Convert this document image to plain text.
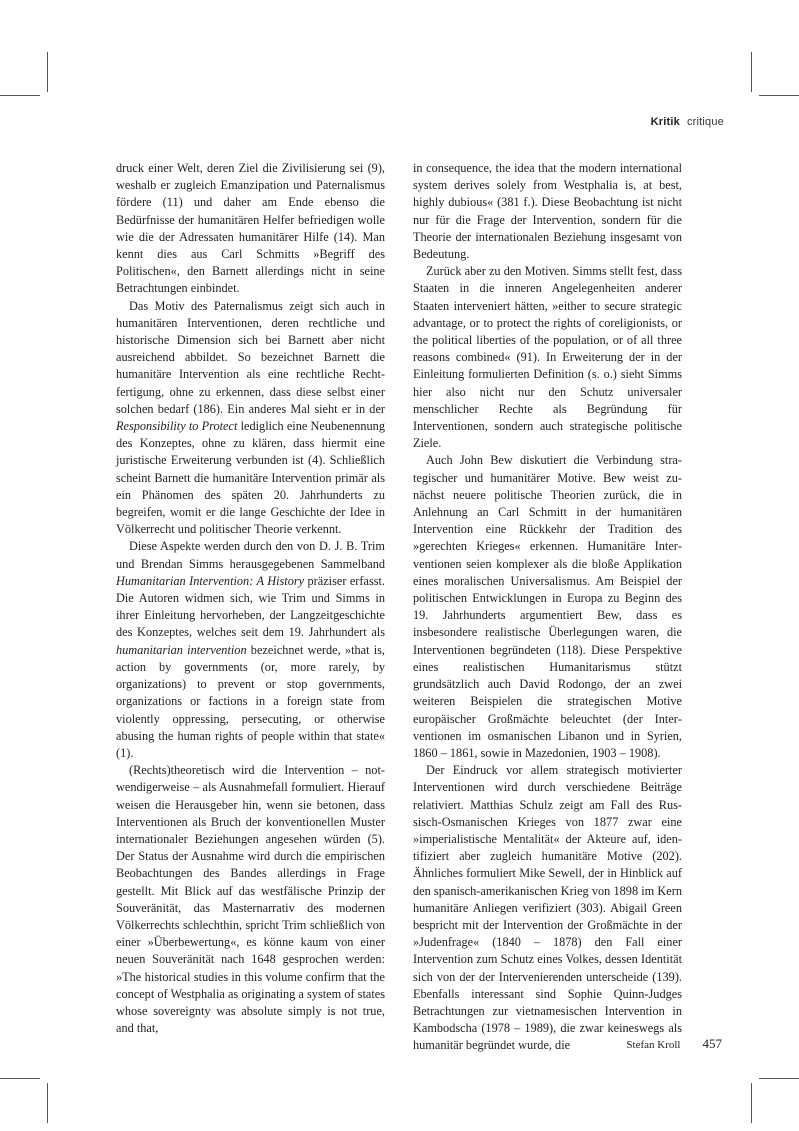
Kritik critique

druck einer Welt, deren Ziel die Zivilisierung sei (9), weshalb er zugleich Emanzipation und Paternalismus fördere (11) und daher am Ende ebenso die Bedürfnisse der humanitären Helfer befriedigen wolle wie die der Adressaten humanitärer Hilfe (14). Man kennt dies aus Carl Schmitts »Begriff des Politischen«, den Barnett allerdings nicht in seine Betrachtungen einbindet.

Das Motiv des Paternalismus zeigt sich auch in humanitären Interventionen, deren rechtliche und historische Dimension sich bei Barnett aber nicht ausreichend abbildet. So bezeichnet Barnett die humanitäre Intervention als eine rechtliche Rechtfertigung, ohne zu erkennen, dass diese selbst einer solchen bedarf (186). Ein anderes Mal sieht er in der Responsibility to Protect lediglich eine Neubenennung des Konzeptes, ohne zu klären, dass hiermit eine juristische Erweiterung verbunden ist (4). Schließlich scheint Barnett die humanitäre Intervention primär als ein Phänomen des späten 20. Jahrhunderts zu begreifen, womit er die lange Geschichte der Idee in Völkerrecht und politischer Theorie verkennt.

Diese Aspekte werden durch den von D. J. B. Trim und Brendan Simms herausgegebenen Sammelband Humanitarian Intervention: A History präziser erfasst. Die Autoren widmen sich, wie Trim und Simms in ihrer Einleitung hervorheben, der Langzeitgeschichte des Konzeptes, welches seit dem 19. Jahrhundert als humanitarian intervention bezeichnet werde, »that is, action by governments (or, more rarely, by organizations) to prevent or stop governments, organizations or factions in a foreign state from violently oppressing, persecuting, or otherwise abusing the human rights of people within that state« (1).

(Rechts)theoretisch wird die Intervention – notwendigerweise – als Ausnahmefall formuliert. Hierauf weisen die Herausgeber hin, wenn sie betonen, dass Interventionen als Bruch der konventionellen Muster internationaler Beziehungen angesehen würden (5). Der Status der Ausnahme wird durch die empirischen Beobachtungen des Bandes allerdings in Frage gestellt. Mit Blick auf das westfälische Prinzip der Souveränität, das Masternarrativ des modernen Völkerrechts schlechthin, spricht Trim schließlich von einer »Überbewertung«, es könne kaum von einer neuen Souveränität nach 1648 gesprochen werden: »The historical studies in this volume confirm that the concept of Westphalia as originating a system of states whose sovereignty was absolute simply is not true, and that,

in consequence, the idea that the modern international system derives solely from Westphalia is, at best, highly dubious« (381 f.). Diese Beobachtung ist nicht nur für die Frage der Intervention, sondern für die Theorie der internationalen Beziehung insgesamt von Bedeutung.

Zurück aber zu den Motiven. Simms stellt fest, dass Staaten in die inneren Angelegenheiten anderer Staaten interveniert hätten, »either to secure strategic advantage, or to protect the rights of coreligionists, or the political liberties of the population, or of all three reasons combined« (91). In Erweiterung der in der Einleitung formulierten Definition (s. o.) sieht Simms hier also nicht nur den Schutz universaler menschlicher Rechte als Begründung für Interventionen, sondern auch strategische politische Ziele.

Auch John Bew diskutiert die Verbindung strategischer und humanitärer Motive. Bew weist zunächst neuere politische Theorien zurück, die in Anlehnung an Carl Schmitt in der humanitären Intervention eine Rückkehr der Tradition des »gerechten Krieges« erkennen. Humanitäre Interventionen seien komplexer als die bloße Applikation eines moralischen Universalismus. Am Beispiel der politischen Entwicklungen in Europa zu Beginn des 19. Jahrhunderts argumentiert Bew, dass es insbesondere realistische Überlegungen waren, die Interventionen begründeten (118). Diese Perspektive eines realistischen Humanitarismus stützt grundsätzlich auch David Rodongo, der an zwei weiteren Beispielen die strategischen Motive europäischer Großmächte beleuchtet (der Interventionen im osmanischen Libanon und in Syrien, 1860 – 1861, sowie in Mazedonien, 1903 – 1908).

Der Eindruck vor allem strategisch motivierter Interventionen wird durch verschiedene Beiträge relativiert. Matthias Schulz zeigt am Fall des Russisch-Osmanischen Krieges von 1877 zwar eine »imperialistische Mentalität« der Akteure auf, identifiziert aber zugleich humanitäre Motive (202). Ähnliches formuliert Mike Sewell, der in Hinblick auf den spanisch-amerikanischen Krieg von 1898 im Kern humanitäre Anliegen verifiziert (303). Abigail Green bespricht mit der Intervention der Großmächte in der »Judenfrage« (1840 – 1878) den Fall einer Intervention zum Schutz eines Volkes, dessen Identität sich von der der Intervenierenden unterscheide (139). Ebenfalls interessant sind Sophie Quinn-Judges Betrachtungen zur vietnamesischen Intervention in Kambodscha (1978 – 1989), die zwar keineswegs als humanitär begründet wurde, die	Stefan Kroll 457
